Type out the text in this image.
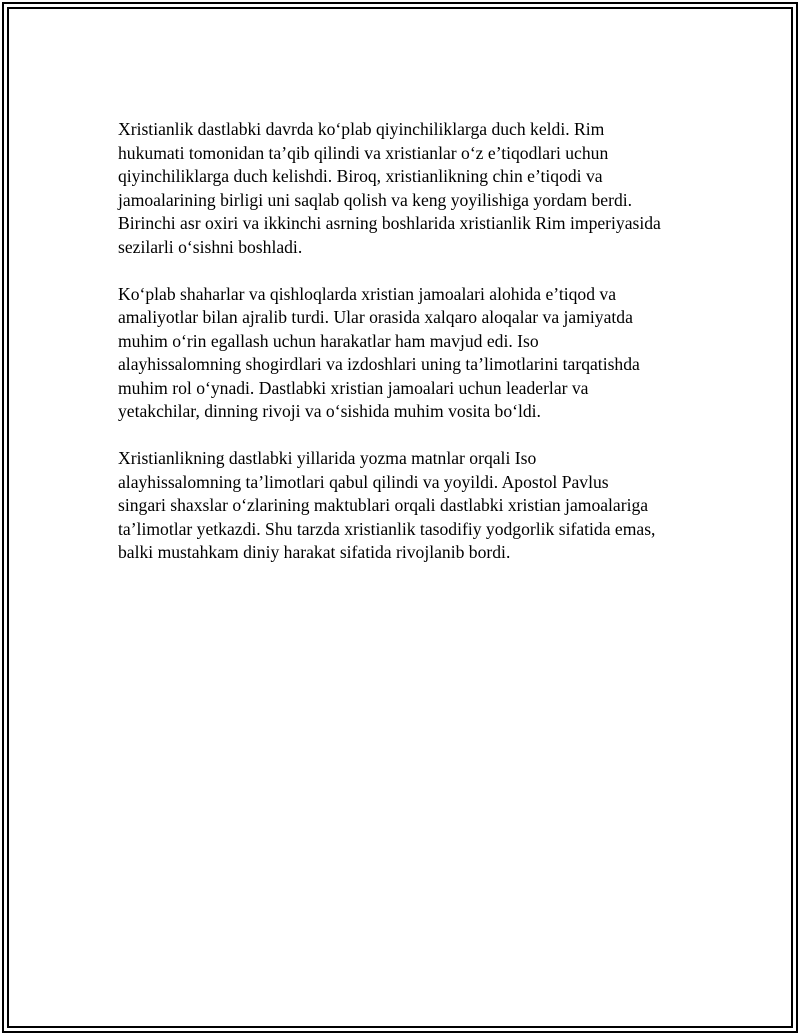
Xristianlik dastlabki davrda ko‘plab qiyinchiliklarga duch keldi. Rim
hukumati tomonidan ta’qib qilindi va xristianlar o‘z e’tiqodlari uchun
qiyinchiliklarga duch kelishdi. Biroq, xristianlikning chin e’tiqodi va
jamoalarining birligi uni saqlab qolish va keng yoyilishiga yordam berdi.
Birinchi asr oxiri va ikkinchi asrning boshlarida xristianlik Rim imperiyasida
sezilarli o‘sishni boshladi.

Ko‘plab shaharlar va qishloqlarda xristian jamoalari alohida e’tiqod va
amaliyotlar bilan ajralib turdi. Ular orasida xalqaro aloqalar va jamiyatda
muhim o‘rin egallash uchun harakatlar ham mavjud edi. Iso
alayhissalomning shogirdlari va izdoshlari uning ta’limotlarini tarqatishda
muhim rol o‘ynadi. Dastlabki xristian jamoalari uchun leaderlar va
yetakchilar, dinning rivoji va o‘sishida muhim vosita bo‘ldi.

Xristianlikning dastlabki yillarida yozma matnlar orqali Iso
alayhissalomning ta’limotlari qabul qilindi va yoyildi. Apostol Pavlus
singari shaxslar o‘zlarining maktublari orqali dastlabki xristian jamoalariga
ta’limotlar yetkazdi. Shu tarzda xristianlik tasodifiy yodgorlik sifatida emas,
balki mustahkam diniy harakat sifatida rivojlanib bordi.
